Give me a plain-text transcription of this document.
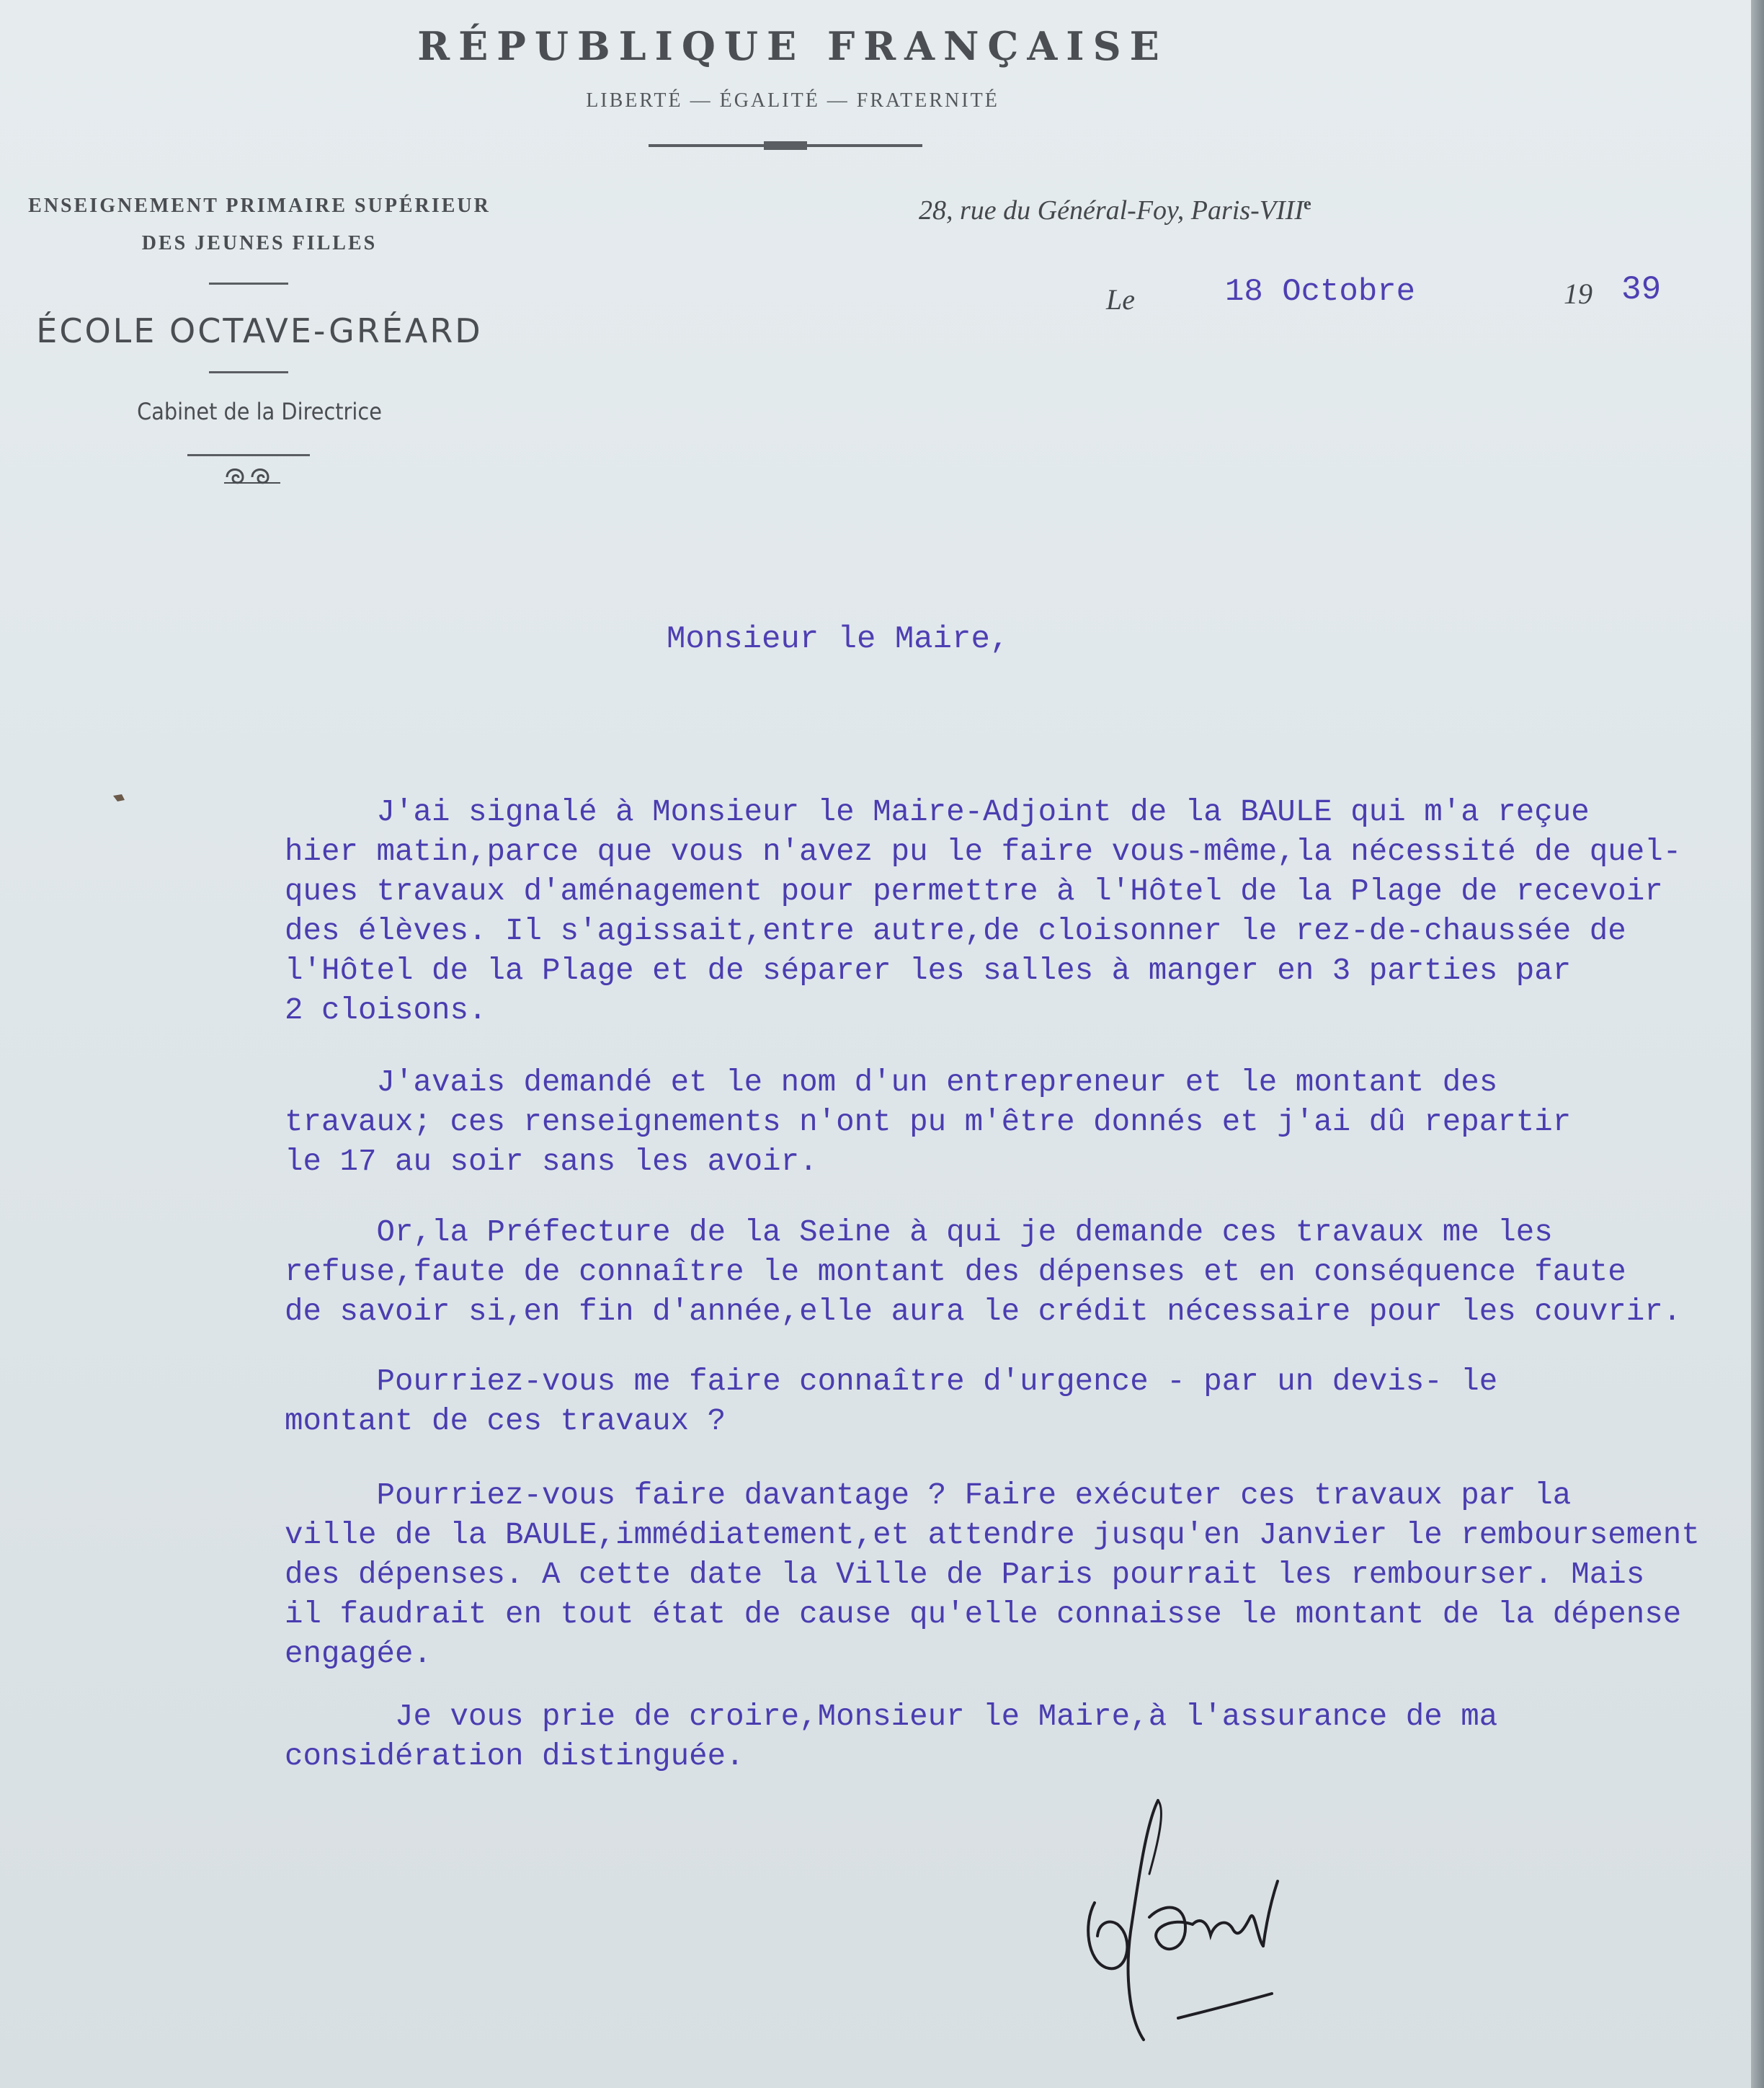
RÉPUBLIQUE FRANÇAISE
LIBERTÉ — ÉGALITÉ — FRATERNITÉ
ENSEIGNEMENT PRIMAIRE SUPÉRIEUR
DES JEUNES FILLES
ÉCOLE OCTAVE-GRÉARD
Cabinet de la Directrice
28, rue du Général-Foy, Paris-VIIIe
Le	18 Octobre	19 39
Monsieur le Maire,
J'ai signalé à Monsieur le Maire-Adjoint de la BAULE qui m'a reçue
hier matin,parce que vous n'avez pu le faire vous-même,la nécessité de quel-
ques travaux d'aménagement pour permettre à l'Hôtel de la Plage de recevoir
des élèves. Il s'agissait,entre autre,de cloisonner le rez-de-chaussée de
l'Hôtel de la Plage et de séparer les salles à manger en 3 parties par
2 cloisons.
J'avais demandé et le nom d'un entrepreneur et le montant des
travaux; ces renseignements n'ont pu m'être donnés et j'ai dû repartir
le 17 au soir sans les avoir.
Or,la Préfecture de la Seine à qui je demande ces travaux me les
refuse,faute de connaître le montant des dépenses et en conséquence faute
de savoir si,en fin d'année,elle aura le crédit nécessaire pour les couvrir.
Pourriez-vous me faire connaître d'urgence - par un devis- le
montant de ces travaux ?
Pourriez-vous faire davantage ? Faire exécuter ces travaux par la
ville de la BAULE,immédiatement,et attendre jusqu'en Janvier le remboursement
des dépenses. A cette date la Ville de Paris pourrait les rembourser. Mais
il faudrait en tout état de cause qu'elle connaisse le montant de la dépense
engagée.
Je vous prie de croire,Monsieur le Maire,à l'assurance de ma
considération distinguée.
